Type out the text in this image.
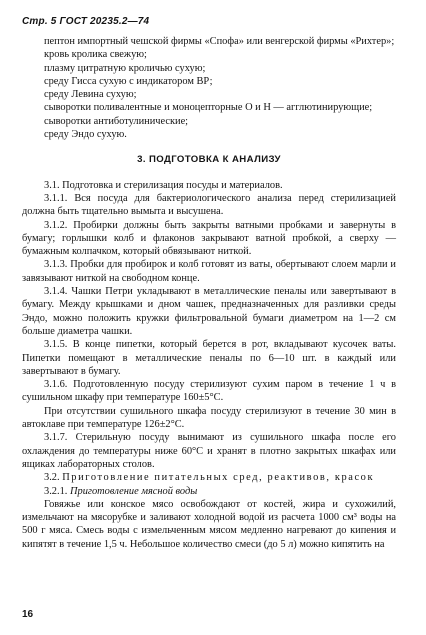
Стр. 5 ГОСТ 20235.2—74

пептон импортный чешской фирмы «Спофа» или венгерской фирмы «Рихтер»;

кровь кролика свежую;

плазму цитратную кроличью сухую;

среду Гисса сухую с индикатором ВР;

среду Левина сухую;

сыворотки поливалентные и моноцепторные О и Н — агглютинирующие;

сыворотки антиботулинические;

среду Эндо сухую.

3. ПОДГОТОВКА К АНАЛИЗУ

3.1. Подготовка и стерилизация посуды и материалов.

3.1.1. Вся посуда для бактериологического анализа перед стерилизацией должна быть тщательно вымыта и высушена.

3.1.2. Пробирки должны быть закрыты ватными пробками и завернуты в бумагу; горлышки колб и флаконов закрывают ватной пробкой, а сверху — бумажным колпачком, который обвязывают ниткой.

3.1.3. Пробки для пробирок и колб готовят из ваты, обертывают слоем марли и завязывают ниткой на свободном конце.

3.1.4. Чашки Петри укладывают в металлические пеналы или завертывают в бумагу. Между крышками и дном чашек, предназначенных для разливки среды Эндо, можно положить кружки фильтровальной бумаги диаметром на 1—2 см больше диаметра чашки.

3.1.5. В конце пипетки, который берется в рот, вкладывают кусочек ваты. Пипетки помещают в металлические пеналы по 6—10 шт. в каждый или завертывают в бумагу.

3.1.6. Подготовленную посуду стерилизуют сухим паром в течение 1 ч в сушильном шкафу при температуре 160±5°С.

При отсутствии сушильного шкафа посуду стерилизуют в течение 30 мин в автоклаве при температуре 126±2°С.

3.1.7. Стерильную посуду вынимают из сушильного шкафа после его охлаждения до температуры ниже 60°С и хранят в плотно закрытых шкафах или ящиках лабораторных столов.

3.2. Приготовление питательных сред, реактивов, красок

3.2.1. Приготовление мясной воды

Говяжье или конское мясо освобождают от костей, жира и сухожилий, измельчают на мясорубке и заливают холодной водой из расчета 1000 см³ воды на 500 г мяса. Смесь воды с измельченным мясом медленно нагревают до кипения и кипятят в течение 1,5 ч. Небольшое количество смеси (до 5 л) можно кипятить на

16
